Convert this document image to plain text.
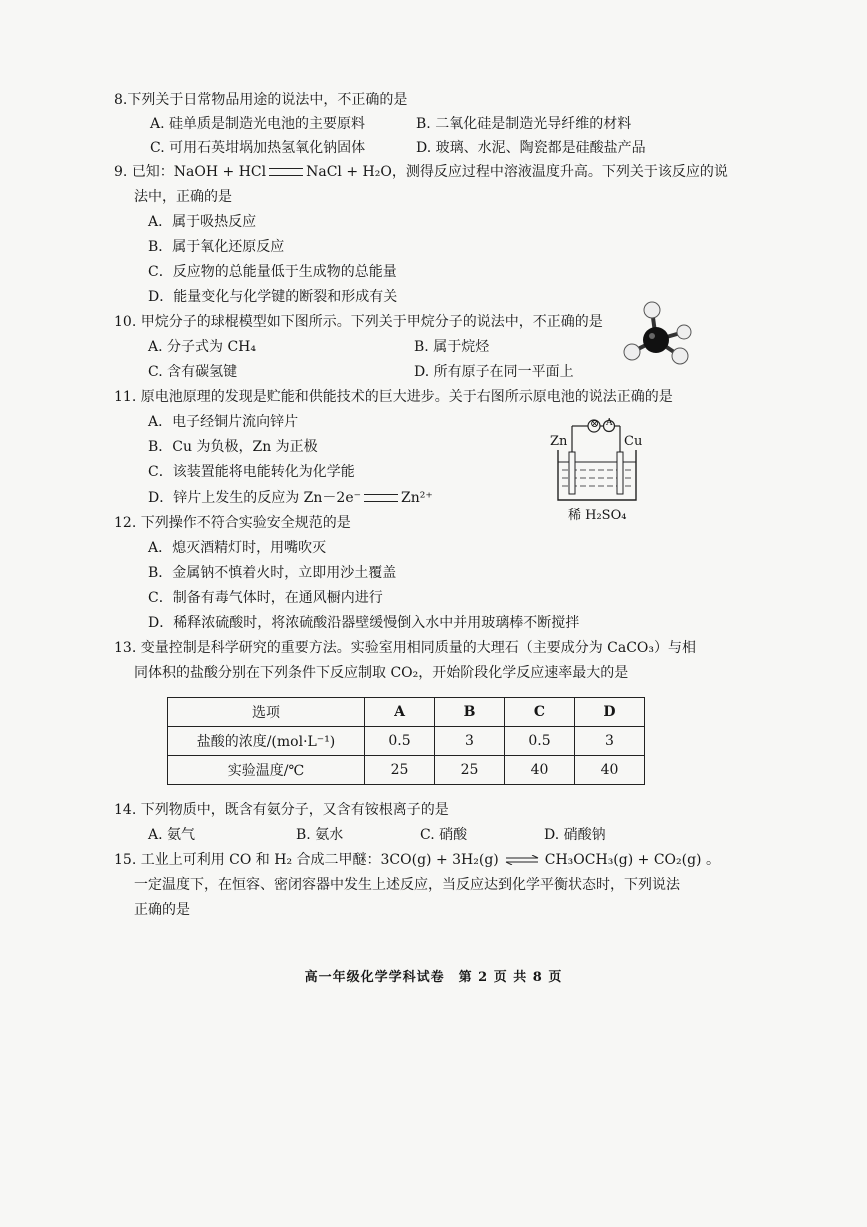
8.下列关于日常物品用途的说法中，不正确的是
A. 硅单质是制造光电池的主要原料	B. 二氧化硅是制造光导纤维的材料
C. 可用石英坩埚加热氢氧化钠固体	D. 玻璃、水泥、陶瓷都是硅酸盐产品
9. 已知：NaOH + HCl	NaCl + H₂O，测得反应过程中溶液温度升高。下列关于该反应的说
法中，正确的是
A．属于吸热反应
B．属于氧化还原反应
C．反应物的总能量低于生成物的总能量
D．能量变化与化学键的断裂和形成有关
10. 甲烷分子的球棍模型如下图所示。下列关于甲烷分子的说法中，不正确的是
A. 分子式为 CH₄	B. 属于烷烃
C. 含有碳氢键	D. 所有原子在同一平面上
11. 原电池原理的发现是贮能和供能技术的巨大进步。关于右图所示原电池的说法正确的是
A．电子经铜片流向锌片
B．Cu 为负极，Zn 为正极
C．该装置能将电能转化为化学能
D．锌片上发生的反应为 Zn－2e⁻	Zn²⁺
⊗ A
Zn	Cu
稀 H₂SO₄
12. 下列操作不符合实验安全规范的是
A．熄灭酒精灯时，用嘴吹灭
B．金属钠不慎着火时，立即用沙土覆盖
C．制备有毒气体时，在通风橱内进行
D．稀释浓硫酸时，将浓硫酸沿器壁缓慢倒入水中并用玻璃棒不断搅拌
13. 变量控制是科学研究的重要方法。实验室用相同质量的大理石（主要成分为 CaCO₃）与相
同体积的盐酸分别在下列条件下反应制取 CO₂，开始阶段化学反应速率最大的是
选项	A	B	C	D
盐酸的浓度/(mol·L⁻¹)	0.5	3	0.5	3
实验温度/℃	25	25	40	40
14. 下列物质中，既含有氨分子，又含有铵根离子的是
A. 氨气	B. 氨水	C. 硝酸	D. 硝酸钠
15. 工业上可利用 CO 和 H₂ 合成二甲醚：3CO(g) + 3H₂(g) ⇌ CH₃OCH₃(g) + CO₂(g) 。
一定温度下，在恒容、密闭容器中发生上述反应，当反应达到化学平衡状态时，下列说法
正确的是
高一年级化学学科试卷　第 2 页 共 8 页
